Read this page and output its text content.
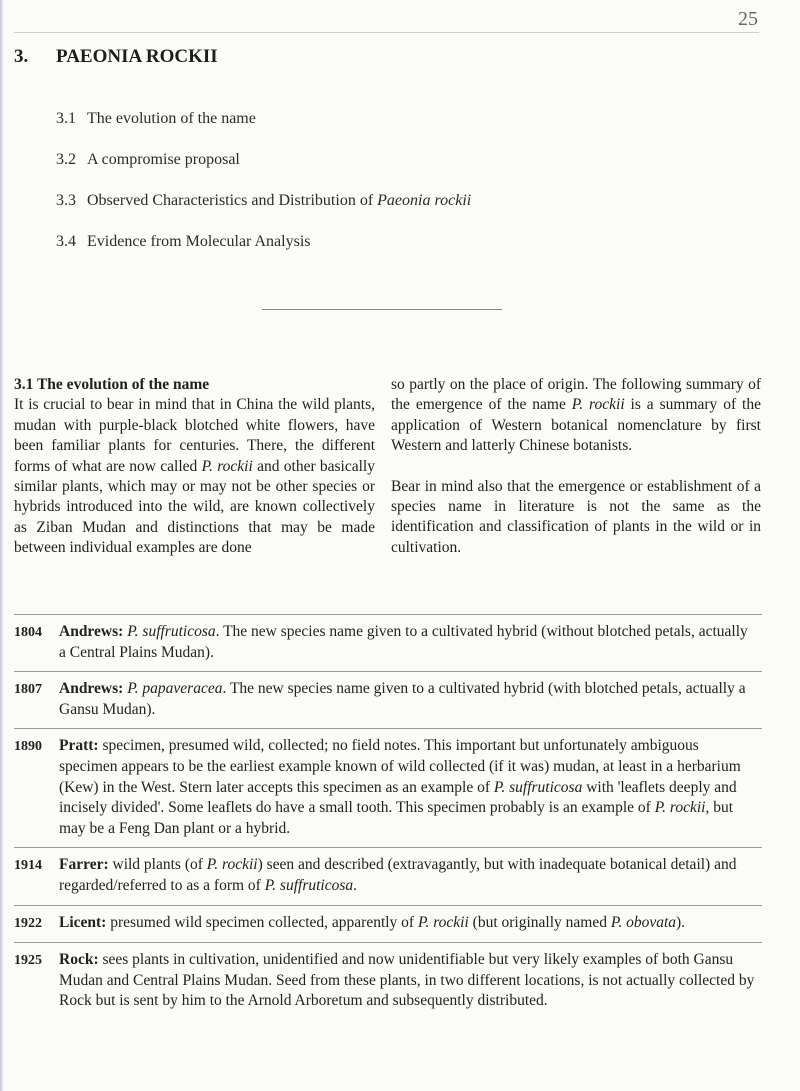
25
3. PAEONIA ROCKII
3.1 The evolution of the name
3.2 A compromise proposal
3.3 Observed Characteristics and Distribution of Paeonia rockii
3.4 Evidence from Molecular Analysis

3.1 The evolution of the name

It is crucial to bear in mind that in China the wild plants, mudan with purple-black blotched white flowers, have been familiar plants for centuries. There, the different forms of what are now called P. rockii and other basically similar plants, which may or may not be other species or hybrids introduced into the wild, are known collectively as Ziban Mudan and distinctions that may be made between individual examples are done

so partly on the place of origin. The following summary of the emergence of the name P. rockii is a summary of the application of Western botanical nomenclature by first Western and latterly Chinese botanists.

Bear in mind also that the emergence or establishment of a species name in literature is not the same as the identification and classification of plants in the wild or in cultivation.

1804	Andrews: P. suffruticosa. The new species name given to a cultivated hybrid (without blotched petals, actually a Central Plains Mudan).
1807	Andrews: P. papaveracea. The new species name given to a cultivated hybrid (with blotched petals, actually a Gansu Mudan).
1890	Pratt: specimen, presumed wild, collected; no field notes. This important but unfortunately ambiguous specimen appears to be the earliest example known of wild collected (if it was) mudan, at least in a herbarium (Kew) in the West. Stern later accepts this specimen as an example of P. suffruticosa with 'leaflets deeply and incisely divided'. Some leaflets do have a small tooth. This specimen probably is an example of P. rockii, but may be a Feng Dan plant or a hybrid.
1914	Farrer: wild plants (of P. rockii) seen and described (extravagantly, but with inadequate botanical detail) and regarded/referred to as a form of P. suffruticosa.
1922	Licent: presumed wild specimen collected, apparently of P. rockii (but originally named P. obovata).
1925	Rock: sees plants in cultivation, unidentified and now unidentifiable but very likely examples of both Gansu Mudan and Central Plains Mudan. Seed from these plants, in two different locations, is not actually collected by Rock but is sent by him to the Arnold Arboretum and subsequently distributed.
